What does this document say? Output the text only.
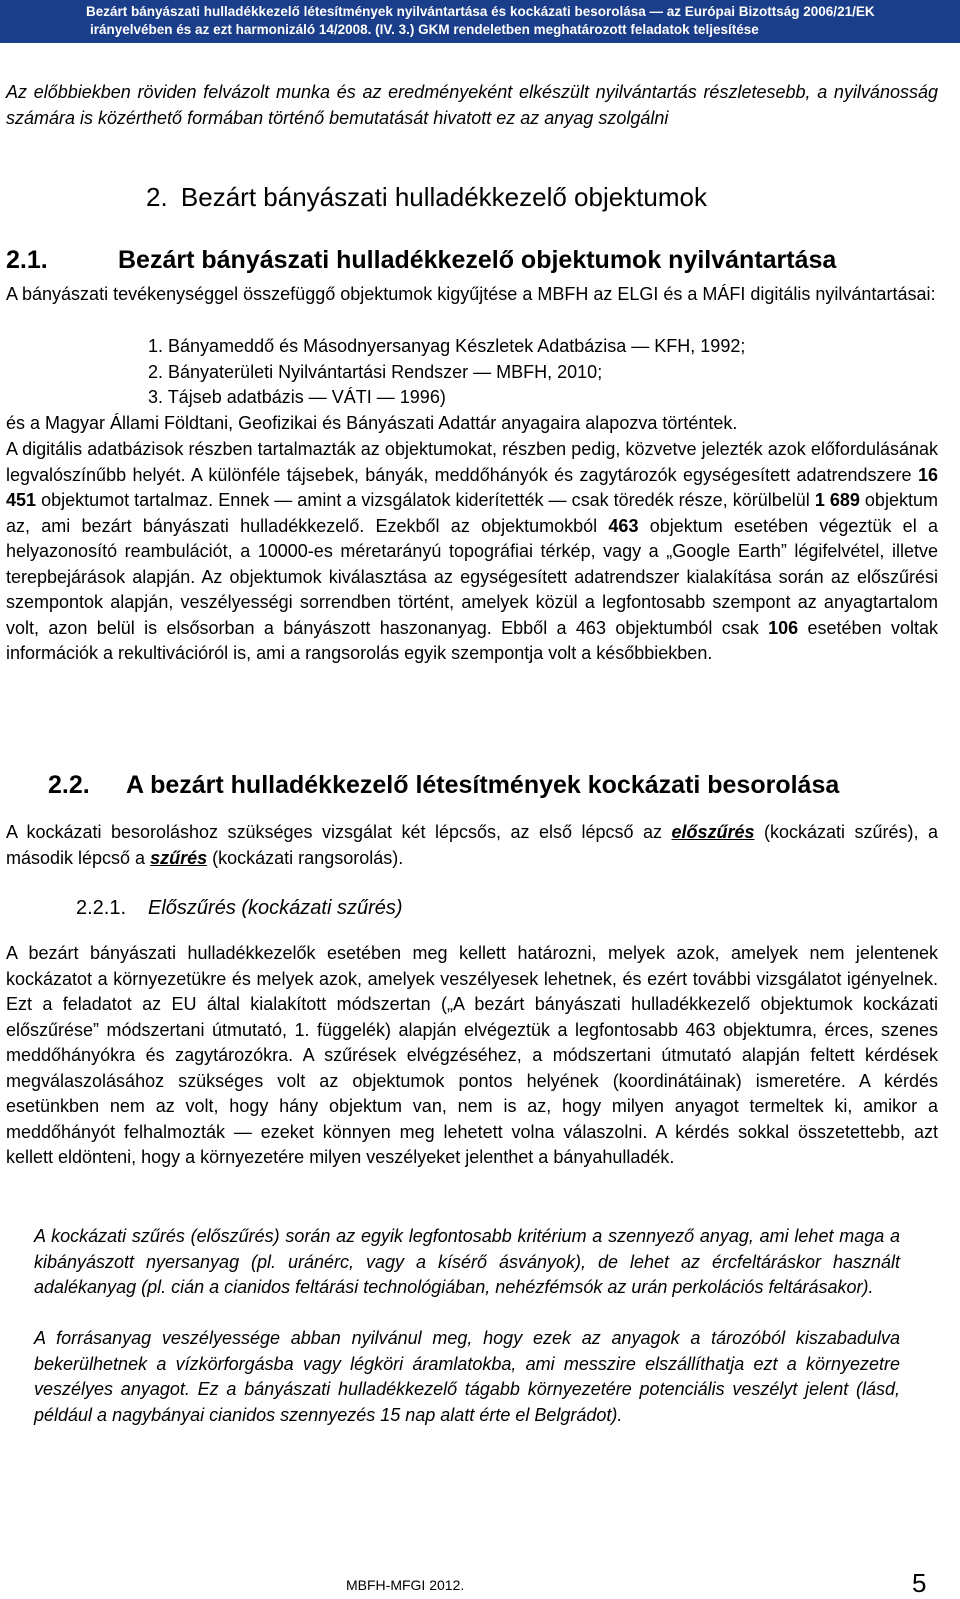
Bezárt bányászati hulladékkezelő létesítmények nyilvántartása és kockázati besorolása — az Európai Bizottság 2006/21/EK
irányelvében és az ezt harmonizáló 14/2008. (IV. 3.) GKM rendeletben meghatározott feladatok teljesítése

Az előbbiekben röviden felvázolt munka és az eredményeként elkészült nyilvántartás részletesebb, a nyilvánosság számára is közérthető formában történő bemutatását hivatott ez az anyag szolgálni

2. Bezárt bányászati hulladékkezelő objektumok
2.1.	Bezárt bányászati hulladékkezelő objektumok nyilvántartása

A bányászati tevékenységgel összefüggő objektumok kigyűjtése a MBFH az ELGI és a MÁFI digitális nyilvántartásai:

1. Bányameddő és Másodnyersanyag Készletek Adatbázisa — KFH, 1992;
2. Bányaterületi Nyilvántartási Rendszer — MBFH, 2010;
3. Tájseb adatbázis — VÁTI — 1996)

és a Magyar Állami Földtani, Geofizikai és Bányászati Adattár anyagaira alapozva történtek.

A digitális adatbázisok részben tartalmazták az objektumokat, részben pedig, közvetve jelezték azok előfordulásának legvalószínűbb helyét. A különféle tájsebek, bányák, meddőhányók és zagytározók egységesített adatrendszere 16 451 objektumot tartalmaz. Ennek — amint a vizsgálatok kiderítették — csak töredék része, körülbelül 1 689 objektum az, ami bezárt bányászati hulladékkezelő. Ezekből az objektumokból 463 objektum esetében végeztük el a helyazonosító reambulációt, a 10000-es méretarányú topográfiai térkép, vagy a „Google Earth” légifelvétel, illetve terepbejárások alapján. Az objektumok kiválasztása az egységesített adatrendszer kialakítása során az előszűrési szempontok alapján, veszélyességi sorrendben történt, amelyek közül a legfontosabb szempont az anyagtartalom volt, azon belül is elsősorban a bányászott haszonanyag. Ebből a 463 objektumból csak 106 esetében voltak információk a rekultivációról is, ami a rangsorolás egyik szempontja volt a későbbiekben.

2.2. A bezárt hulladékkezelő létesítmények kockázati besorolása

A kockázati besoroláshoz szükséges vizsgálat két lépcsős, az első lépcső az előszűrés (kockázati szűrés), a második lépcső a szűrés (kockázati rangsorolás).

2.2.1. Előszűrés (kockázati szűrés)

A bezárt bányászati hulladékkezelők esetében meg kellett határozni, melyek azok, amelyek nem jelentenek kockázatot a környezetükre és melyek azok, amelyek veszélyesek lehetnek, és ezért további vizsgálatot igényelnek. Ezt a feladatot az EU által kialakított módszertan („A bezárt bányászati hulladékkezelő objektumok kockázati előszűrése” módszertani útmutató, 1. függelék) alapján elvégeztük a legfontosabb 463 objektumra, érces, szenes meddőhányókra és zagytározókra. A szűrések elvégzéséhez, a módszertani útmutató alapján feltett kérdések megválaszolásához szükséges volt az objektumok pontos helyének (koordinátáinak) ismeretére. A kérdés esetünkben nem az volt, hogy hány objektum van, nem is az, hogy milyen anyagot termeltek ki, amikor a meddőhányót felhalmozták — ezeket könnyen meg lehetett volna válaszolni. A kérdés sokkal összetettebb, azt kellett eldönteni, hogy a környezetére milyen veszélyeket jelenthet a bányahulladék.

A kockázati szűrés (előszűrés) során az egyik legfontosabb kritérium a szennyező anyag, ami lehet maga a kibányászott nyersanyag (pl. uránérc, vagy a kísérő ásványok), de lehet az ércfeltáráskor használt adalékanyag (pl. cián a cianidos feltárási technológiában, nehézfémsók az urán perkolációs feltárásakor).

A forrásanyag veszélyessége abban nyilvánul meg, hogy ezek az anyagok a tározóból kiszabadulva bekerülhetnek a vízkörforgásba vagy légköri áramlatokba, ami messzire elszállíthatja ezt a környezetre veszélyes anyagot. Ez a bányászati hulladékkezelő tágabb környezetére potenciális veszélyt jelent (lásd, például a nagybányai cianidos szennyezés 15 nap alatt érte el Belgrádot).

MBFH-MFGI 2012.	5
